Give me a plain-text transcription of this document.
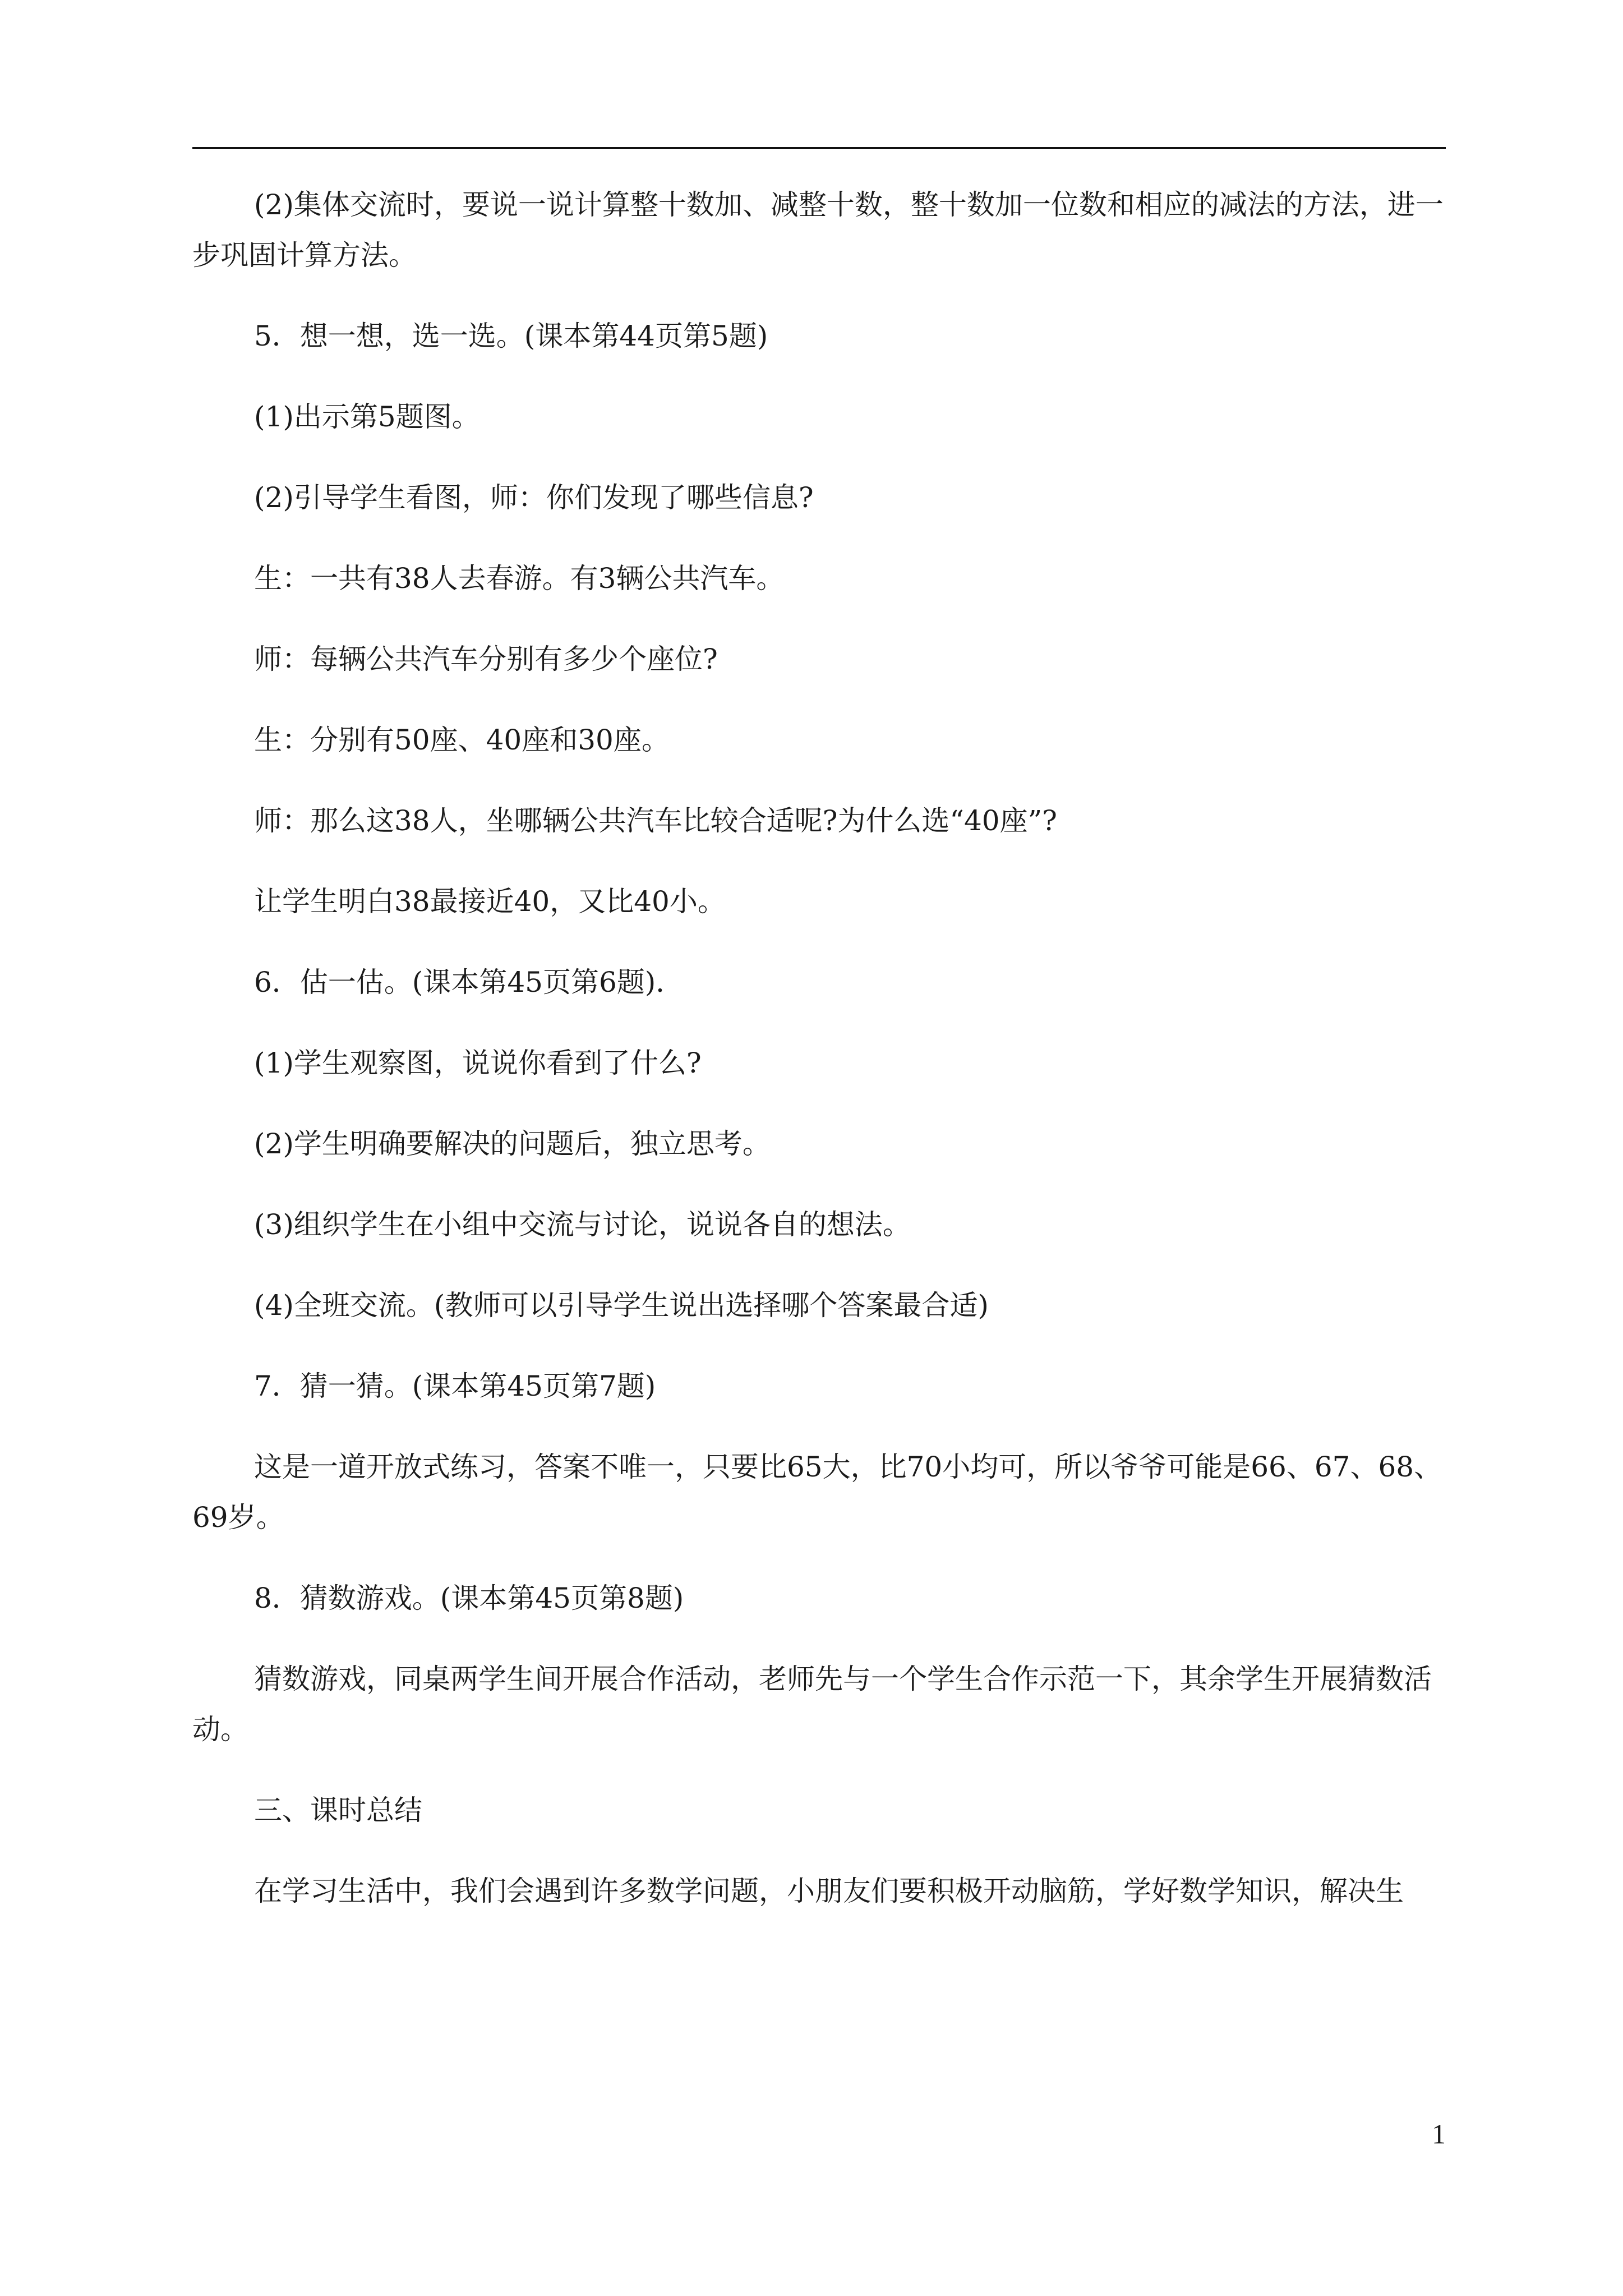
(2)集体交流时，要说一说计算整十数加、减整十数，整十数加一位数和相应的减法的方法，进一步巩固计算方法。

5．想一想，选一选。(课本第44页第5题)

(1)出示第5题图。

(2)引导学生看图，师：你们发现了哪些信息?

生：一共有38人去春游。有3辆公共汽车。

师：每辆公共汽车分别有多少个座位?

生：分别有50座、40座和30座。

师：那么这38人，坐哪辆公共汽车比较合适呢?为什么选“40座”?

让学生明白38最接近40，又比40小。

6．估一估。(课本第45页第6题)．

(1)学生观察图，说说你看到了什么?

(2)学生明确要解决的问题后，独立思考。

(3)组织学生在小组中交流与讨论，说说各自的想法。

(4)全班交流。(教师可以引导学生说出选择哪个答案最合适)

7．猜一猜。(课本第45页第7题)

这是一道开放式练习，答案不唯一，只要比65大，比70小均可，所以爷爷可能是66、67、68、69岁。

8．猜数游戏。(课本第45页第8题)

猜数游戏，同桌两学生间开展合作活动，老师先与一个学生合作示范一下，其余学生开展猜数活动。

三、课时总结

在学习生活中，我们会遇到许多数学问题，小朋友们要积极开动脑筋，学好数学知识，解决生

1
